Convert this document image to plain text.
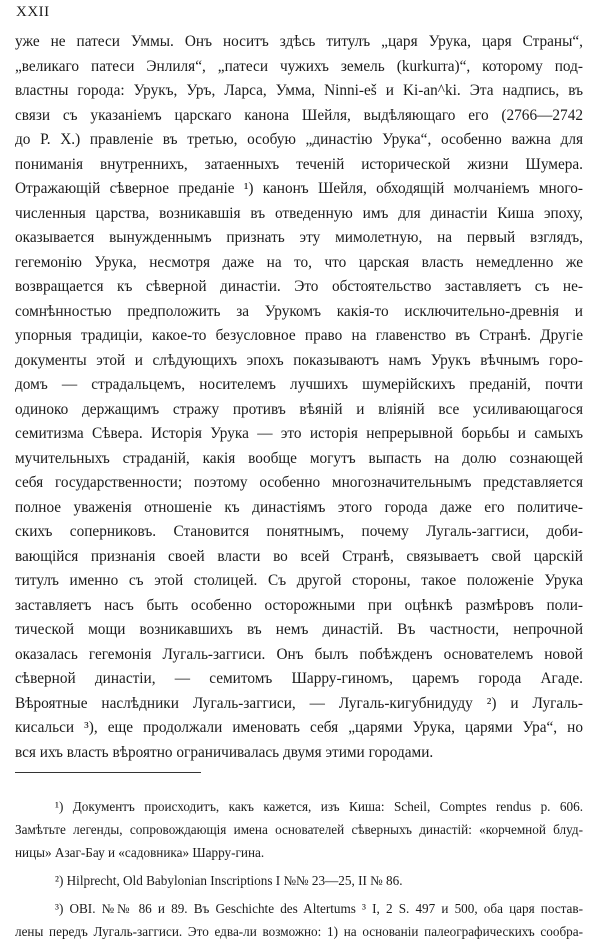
XXII
уже не патеси Уммы. Онъ носитъ здѣсь титулъ „царя Урука, царя Страны“,
„великаго патеси Энлиля“, „патеси чужихъ земель (kurkurra)“, которому под-
властны города: Урукъ, Уръ, Ларса, Умма, Ninni-eš и Ki-an^ki. Эта надпись, въ
связи съ указаніемъ царскаго канона Шейля, выдѣляющаго его (2766—2742
до Р. Х.) правленіе въ третью, особую „династію Урука“, особенно важна для
пониманія внутреннихъ, затаенныхъ теченій исторической жизни Шумера.
Отражающій сѣверное преданіе ¹) канонъ Шейля, обходящій молчаніемъ много-
численныя царства, возникавшія въ отведенную имъ для династіи Киша эпоху,
оказывается вынужденнымъ признать эту мимолетную, на первый взглядъ,
гегемонію Урука, несмотря даже на то, что царская власть немедленно же
возвращается къ сѣверной династіи. Это обстоятельство заставляетъ съ не-
сомнѣнностью предположить за Урукомъ какія-то исключительно-древнія и
упорныя традиціи, какое-то безусловное право на главенство въ Странѣ. Другіе
документы этой и слѣдующихъ эпохъ показываютъ намъ Урукъ вѣчнымъ горо-
домъ — страдальцемъ, носителемъ лучшихъ шумерійскихъ преданій, почти
одиноко держащимъ стражу противъ вѣяній и вліяній все усиливающагося
семитизма Сѣвера. Исторія Урука — это исторія непрерывной борьбы и самыхъ
мучительныхъ страданій, какія вообще могутъ выпасть на долю сознающей
себя государственности; поэтому особенно многозначительнымъ представляется
полное уваженія отношеніе къ династіямъ этого города даже его политиче-
скихъ соперниковъ. Становится понятнымъ, почему Лугаль-заггиси, доби-
вающійся признанія своей власти во всей Странѣ, связываетъ свой царскій
титулъ именно съ этой столицей. Съ другой стороны, такое положеніе Урука
заставляетъ насъ быть особенно осторожными при оцѣнкѣ размѣровъ поли-
тической мощи возникавшихъ въ немъ династій. Въ частности, непрочной
оказалась гегемонія Лугаль-заггиси. Онъ былъ побѣжденъ основателемъ новой
сѣверной династіи, — семитомъ Шарру-гиномъ, царемъ города Агаде.
Вѣроятные наслѣдники Лугаль-заггиси, — Лугаль-кигубнидуду ²) и Лугаль-
кисальси ³), еще продолжали именовать себя „царями Урука, царями Ура“, но
вся ихъ власть вѣроятно ограничивалась двумя этими городами.
¹) Документъ происходитъ, какъ кажется, изъ Киша: Scheil, Comptes rendus p. 606.
Замѣтьте легенды, сопровождающія имена основателей сѣверныхъ династій: «корчемной блуд-
ницы» Азаг-Бау и «садовника» Шарру-гина.
²) Hilprecht, Old Babylonian Inscriptions I №№ 23—25, II № 86.
³) OBI. №№ 86 и 89. Въ Geschichte des Altertums ³ I, 2 S. 497 и 500, оба царя постав-
лены передъ Лугаль-заггиси. Это едва-ли возможно: 1) на основаніи палеографическихъ сообра-
